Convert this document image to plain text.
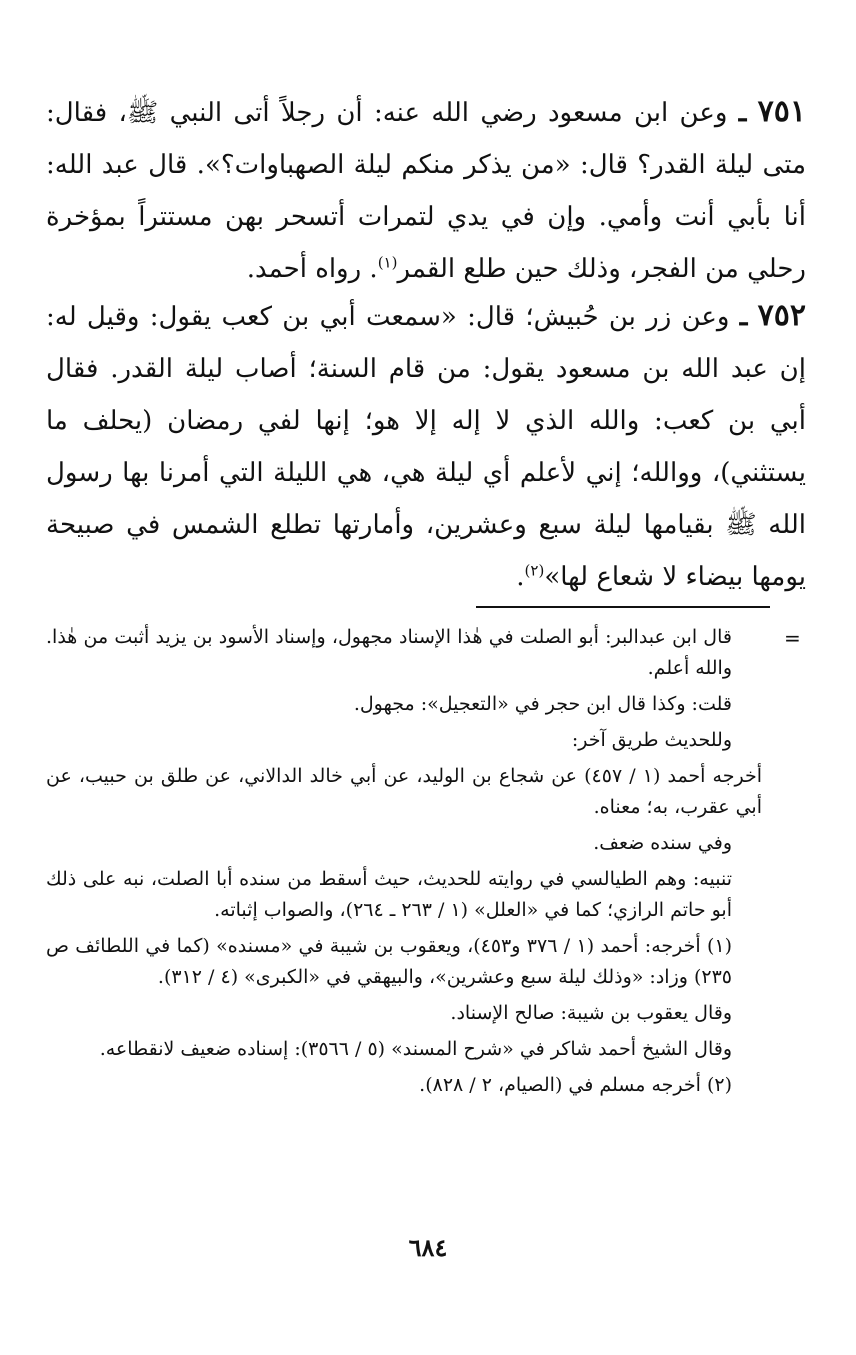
٧٥١ ـ وعن ابن مسعود رضي الله عنه: أن رجلاً أتى النبي ﷺ، فقال: متى ليلة القدر؟ قال: «من يذكر منكم ليلة الصهباوات؟». قال عبد الله: أنا بأبي أنت وأمي. وإن في يدي لتمرات أتسحر بهن مستتراً بمؤخرة رحلي من الفجر، وذلك حين طلع القمر$^{(١)}$. رواه أحمد.
٧٥٢ ـ وعن زر بن حُبيش؛ قال: «سمعت أبي بن كعب يقول: وقيل له: إن عبد الله بن مسعود يقول: من قام السنة؛ أصاب ليلة القدر. فقال أبي بن كعب: والله الذي لا إله إلا هو؛ إنها لفي رمضان (يحلف ما يستثني)، ووالله؛ إني لأعلم أي ليلة هي، هي الليلة التي أمرنا بها رسول الله ﷺ بقيامها ليلة سبع وعشرين، وأمارتها تطلع الشمس في صبيحة يومها بيضاء لا شعاع لها»$^{(٢)}$.
=

قال ابن عبدالبر: أبو الصلت في هٰذا الإسناد مجهول، وإسناد الأسود بن يزيد أثبت من هٰذا. والله أعلم.

قلت: وكذا قال ابن حجر في «التعجيل»: مجهول.

وللحديث طريق آخر:

أخرجه أحمد (١ / ٤٥٧) عن شجاع بن الوليد، عن أبي خالد الدالاني، عن طلق بن حبيب، عن أبي عقرب، به؛ معناه.

وفي سنده ضعف.

تنبيه: وهم الطيالسي في روايته للحديث، حيث أسقط من سنده أبا الصلت، نبه على ذلك أبو حاتم الرازي؛ كما في «العلل» (١ / ٢٦٣ ـ ٢٦٤)، والصواب إثباته.

(١) أخرجه: أحمد (١ / ٣٧٦ و٤٥٣)، ويعقوب بن شيبة في «مسنده» (كما في اللطائف ص ٢٣٥) وزاد: «وذلك ليلة سبع وعشرين»، والبيهقي في «الكبرى» (٤ / ٣١٢).

وقال يعقوب بن شيبة: صالح الإسناد.

وقال الشيخ أحمد شاكر في «شرح المسند» (٥ / ٣٥٦٦): إسناده ضعيف لانقطاعه.

(٢) أخرجه مسلم في (الصيام، ٢ / ٨٢٨).

٦٨٤
